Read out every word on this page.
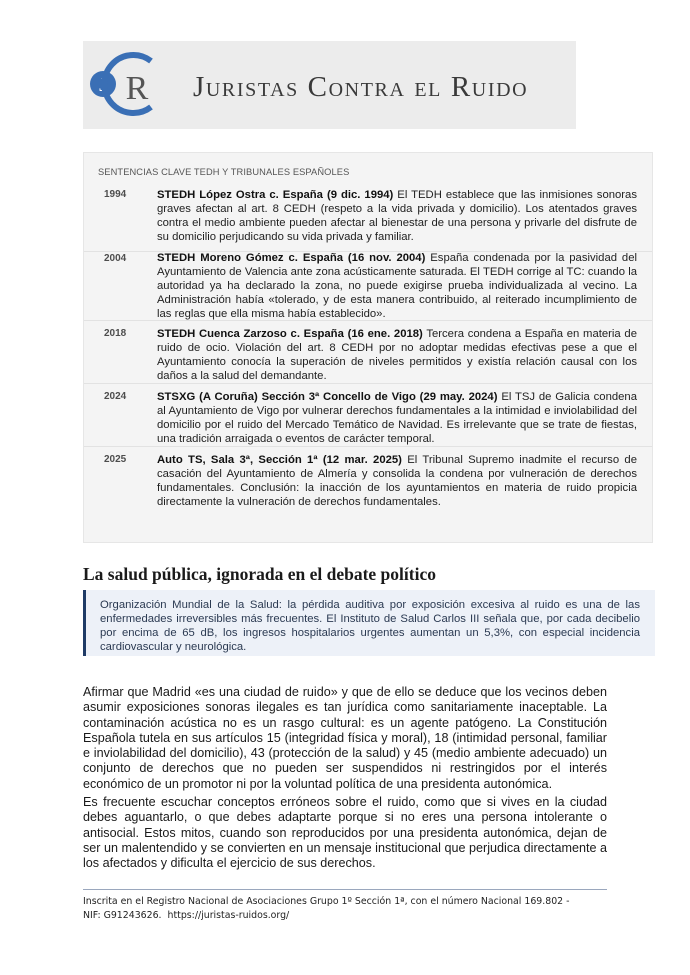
J R
C
Juristas Contra el Ruido
SENTENCIAS CLAVE TEDH Y TRIBUNALES ESPAÑOLES
1994	STEDH López Ostra c. España (9 dic. 1994) El TEDH establece que las inmisiones sonoras graves afectan al art. 8 CEDH (respeto a la vida privada y domicilio). Los atentados graves contra el medio ambiente pueden afectar al bienestar de una persona y privarle del disfrute de su domicilio perjudicando su vida privada y familiar.
2004	STEDH Moreno Gómez c. España (16 nov. 2004) España condenada por la pasividad del Ayuntamiento de Valencia ante zona acústicamente saturada. El TEDH corrige al TC: cuando la autoridad ya ha declarado la zona, no puede exigirse prueba individualizada al vecino. La Administración había «tolerado, y de esta manera contribuido, al reiterado incumplimiento de las reglas que ella misma había establecido».
2018	STEDH Cuenca Zarzoso c. España (16 ene. 2018) Tercera condena a España en materia de ruido de ocio. Violación del art. 8 CEDH por no adoptar medidas efectivas pese a que el Ayuntamiento conocía la superación de niveles permitidos y existía relación causal con los daños a la salud del demandante.
2024	STSXG (A Coruña) Sección 3ª Concello de Vigo (29 may. 2024) El TSJ de Galicia condena al Ayuntamiento de Vigo por vulnerar derechos fundamentales a la intimidad e inviolabilidad del domicilio por el ruido del Mercado Temático de Navidad. Es irrelevante que se trate de fiestas, una tradición arraigada o eventos de carácter temporal.
2025	Auto TS, Sala 3ª, Sección 1ª (12 mar. 2025) El Tribunal Supremo inadmite el recurso de casación del Ayuntamiento de Almería y consolida la condena por vulneración de derechos fundamentales. Conclusión: la inacción de los ayuntamientos en materia de ruido propicia directamente la vulneración de derechos fundamentales.
La salud pública, ignorada en el debate político
Organización Mundial de la Salud: la pérdida auditiva por exposición excesiva al ruido es una de las enfermedades irreversibles más frecuentes. El Instituto de Salud Carlos III señala que, por cada decibelio por encima de 65 dB, los ingresos hospitalarios urgentes aumentan un 5,3%, con especial incidencia cardiovascular y neurológica.
Afirmar que Madrid «es una ciudad de ruido» y que de ello se deduce que los vecinos deben asumir exposiciones sonoras ilegales es tan jurídica como sanitariamente inaceptable. La contaminación acústica no es un rasgo cultural: es un agente patógeno. La Constitución Española tutela en sus artículos 15 (integridad física y moral), 18 (intimidad personal, familiar e inviolabilidad del domicilio), 43 (protección de la salud) y 45 (medio ambiente adecuado) un conjunto de derechos que no pueden ser suspendidos ni restringidos por el interés económico de un promotor ni por la voluntad política de una presidenta autonómica.
Es frecuente escuchar conceptos erróneos sobre el ruido, como que si vives en la ciudad debes aguantarlo, o que debes adaptarte porque si no eres una persona intolerante o antisocial. Estos mitos, cuando son reproducidos por una presidenta autonómica, dejan de ser un malentendido y se convierten en un mensaje institucional que perjudica directamente a los afectados y dificulta el ejercicio de sus derechos.
Inscrita en el Registro Nacional de Asociaciones Grupo 1º Sección 1ª, con el número Nacional 169.802 -
NIF: G91243626. https://juristas-ruidos.org/
